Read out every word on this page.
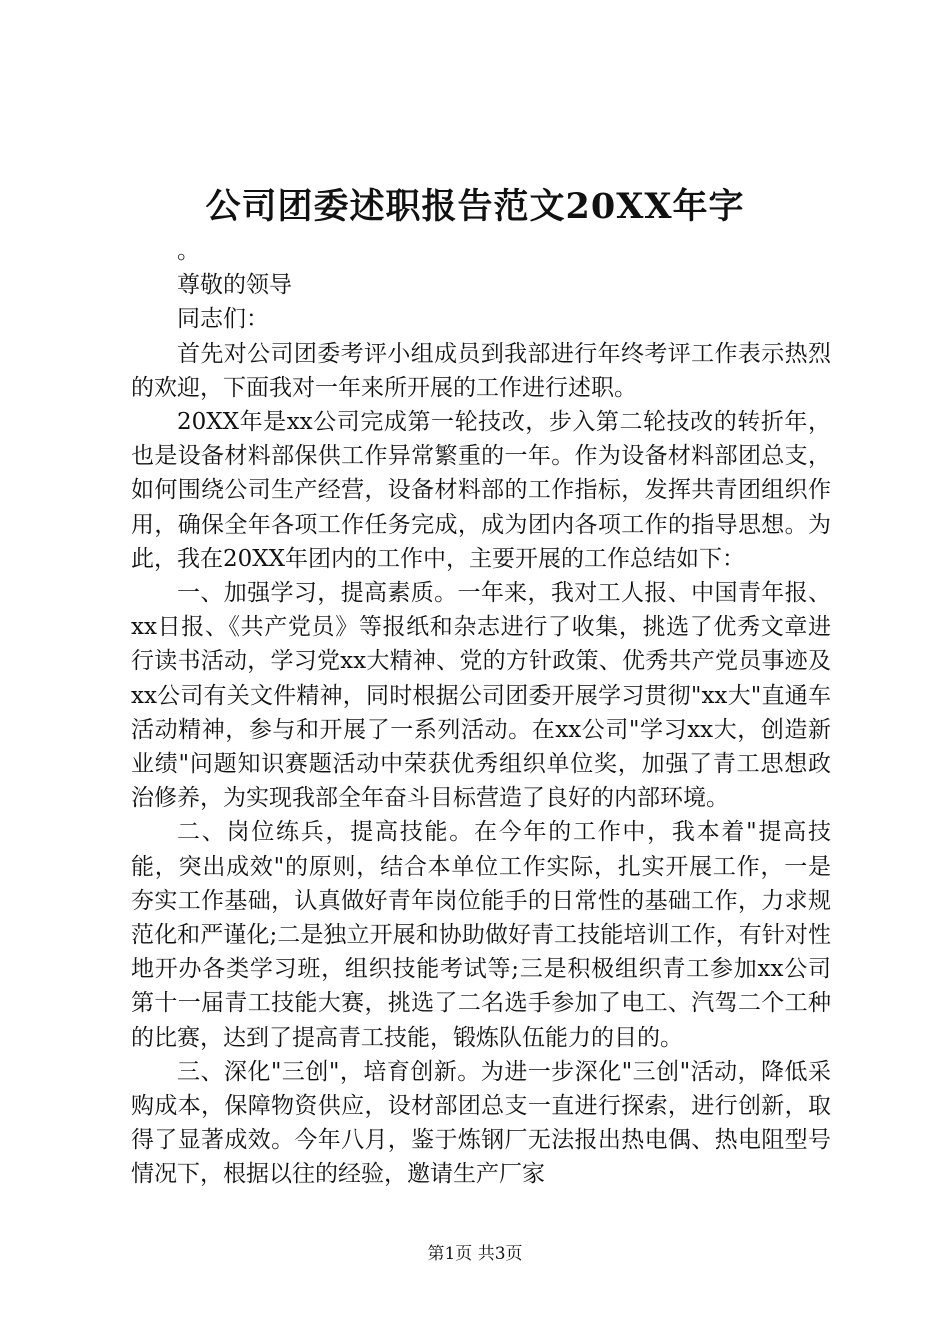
公司团委述职报告范文20XX年字

。

尊敬的领导

同志们：

首先对公司团委考评小组成员到我部进行年终考评工作表示热烈的欢迎，下面我对一年来所开展的工作进行述职。

20XX年是xx公司完成第一轮技改，步入第二轮技改的转折年，也是设备材料部保供工作异常繁重的一年。作为设备材料部团总支，如何围绕公司生产经营，设备材料部的工作指标，发挥共青团组织作用，确保全年各项工作任务完成，成为团内各项工作的指导思想。为此，我在20XX年团内的工作中，主要开展的工作总结如下：

一、加强学习，提高素质。一年来，我对工人报、中国青年报、xx日报、《共产党员》等报纸和杂志进行了收集，挑选了优秀文章进行读书活动，学习党xx大精神、党的方针政策、优秀共产党员事迹及xx公司有关文件精神，同时根据公司团委开展学习贯彻"xx大"直通车活动精神，参与和开展了一系列活动。在xx公司"学习xx大，创造新业绩"问题知识赛题活动中荣获优秀组织单位奖，加强了青工思想政治修养，为实现我部全年奋斗目标营造了良好的内部环境。

二、岗位练兵，提高技能。在今年的工作中，我本着"提高技能，突出成效"的原则，结合本单位工作实际，扎实开展工作，一是夯实工作基础，认真做好青年岗位能手的日常性的基础工作，力求规范化和严谨化;二是独立开展和协助做好青工技能培训工作，有针对性地开办各类学习班，组织技能考试等;三是积极组织青工参加xx公司第十一届青工技能大赛，挑选了二名选手参加了电工、汽驾二个工种的比赛，达到了提高青工技能，锻炼队伍能力的目的。

三、深化"三创"，培育创新。为进一步深化"三创"活动，降低采购成本，保障物资供应，设材部团总支一直进行探索，进行创新，取得了显著成效。今年八月，鉴于炼钢厂无法报出热电偶、热电阻型号情况下，根据以往的经验，邀请生产厂家

第1页 共3页
